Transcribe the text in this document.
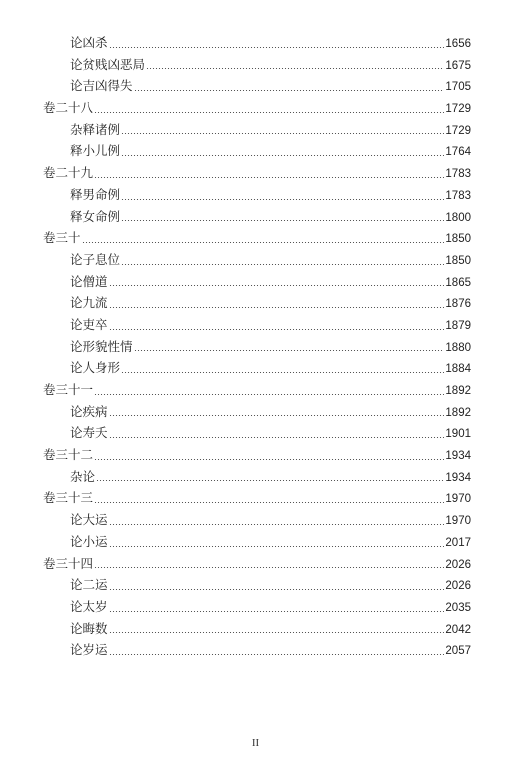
论凶杀	1656
论贫贱凶恶局	1675
论吉凶得失	1705
卷二十八	1729
杂释诸例	1729
释小儿例	1764
卷二十九	1783
释男命例	1783
释女命例	1800
卷三十	1850
论子息位	1850
论僧道	1865
论九流	1876
论吏卒	1879
论形貌性情	1880
论人身形	1884
卷三十一	1892
论疾病	1892
论寿夭	1901
卷三十二	1934
杂论	1934
卷三十三	1970
论大运	1970
论小运	2017
卷三十四	2026
论二运	2026
论太岁	2035
论晦数	2042
论岁运	2057
II
